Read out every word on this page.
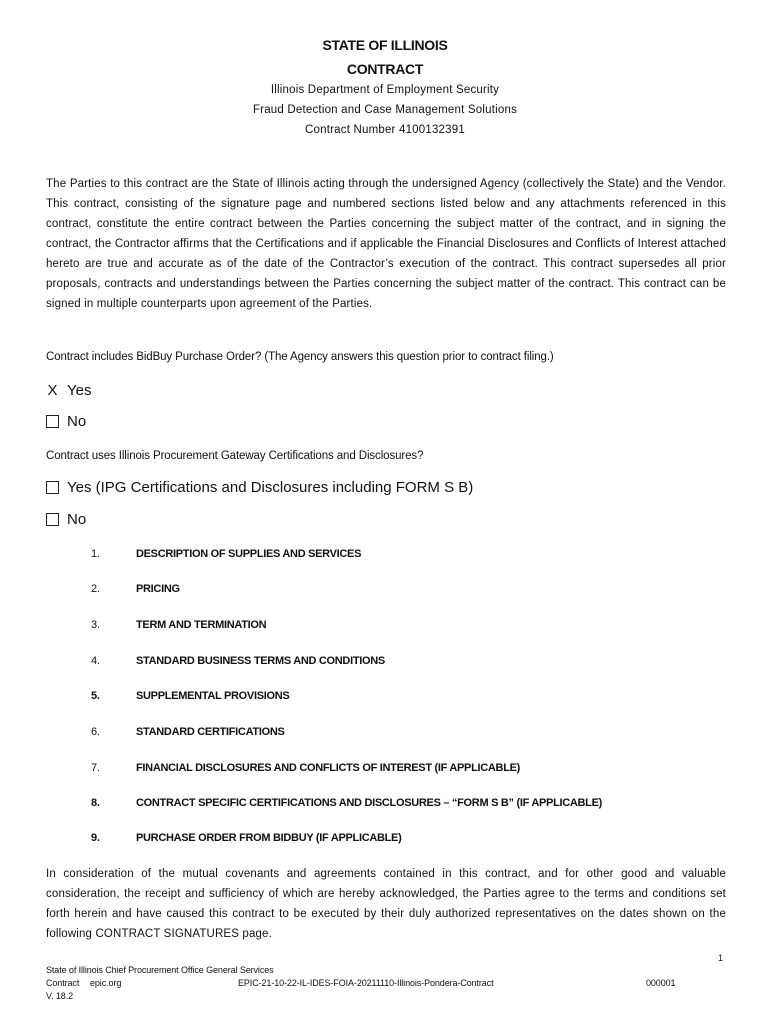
STATE OF ILLINOIS
CONTRACT
Illinois Department of Employment Security
Fraud Detection and Case Management Solutions
Contract Number 4100132391
The Parties to this contract are the State of Illinois acting through the undersigned Agency (collectively the State) and the Vendor. This contract, consisting of the signature page and numbered sections listed below and any attachments referenced in this contract, constitute the entire contract between the Parties concerning the subject matter of the contract, and in signing the contract, the Contractor affirms that the Certifications and if applicable the Financial Disclosures and Conflicts of Interest attached hereto are true and accurate as of the date of the Contractor’s execution of the contract. This contract supersedes all prior proposals, contracts and understandings between the Parties concerning the subject matter of the contract. This contract can be signed in multiple counterparts upon agreement of the Parties.
Contract includes BidBuy Purchase Order? (The Agency answers this question prior to contract filing.)
X Yes
No
Contract uses Illinois Procurement Gateway Certifications and Disclosures?
Yes (IPG Certifications and Disclosures including FORM S B)
No
1.	DESCRIPTION OF SUPPLIES AND SERVICES
2.	PRICING
3.	TERM AND TERMINATION
4.	STANDARD BUSINESS TERMS AND CONDITIONS
5.	SUPPLEMENTAL PROVISIONS
6.	STANDARD CERTIFICATIONS
7.	FINANCIAL DISCLOSURES AND CONFLICTS OF INTEREST (IF APPLICABLE)
8.	CONTRACT SPECIFIC CERTIFICATIONS AND DISCLOSURES – “FORM S B” (IF APPLICABLE)
9.	PURCHASE ORDER FROM BIDBUY (IF APPLICABLE)
In consideration of the mutual covenants and agreements contained in this contract, and for other good and valuable consideration, the receipt and sufficiency of which are hereby acknowledged, the Parties agree to the terms and conditions set forth herein and have caused this contract to be executed by their duly authorized representatives on the dates shown on the following CONTRACT SIGNATURES page.
1
State of Illinois Chief Procurement Office General Services
Contract epic.org	EPIC-21-10-22-IL-IDES-FOIA-20211110-Illinois-Pondera-Contract	000001
V. 18.2
